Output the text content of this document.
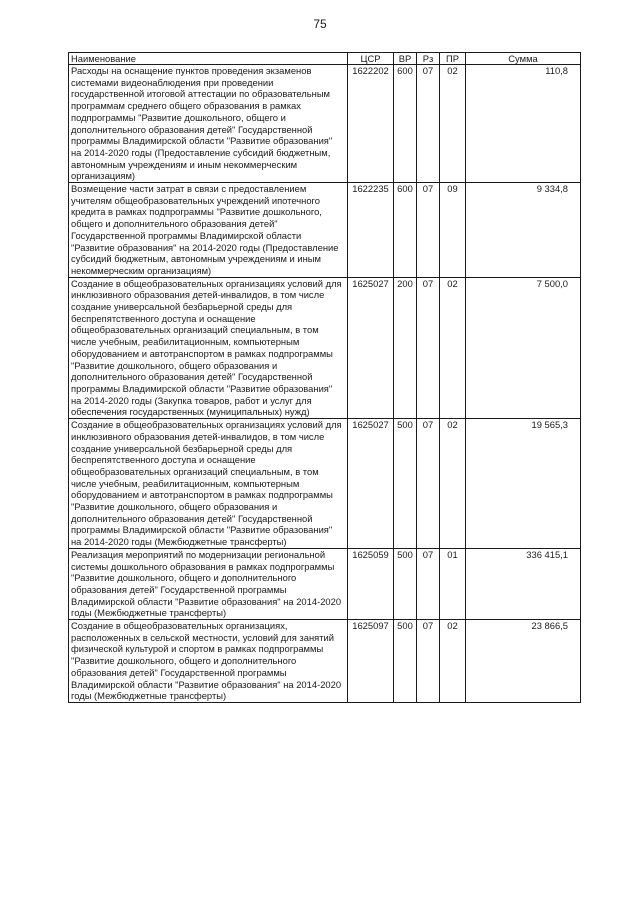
75
Наименование	ЦСР	ВР	Рз	ПР	Сумма
Расходы на оснащение пунктов проведения экзаменов системами видеонаблюдения при проведении государственной итоговой аттестации по образовательным программам среднего общего образования в рамках подпрограммы "Развитие дошкольного, общего и дополнительного образования детей" Государственной программы Владимирской области "Развитие образования" на 2014-2020 годы (Предоставление субсидий бюджетным, автономным учреждениям и иным некоммерческим организациям)	1622202	600	07	02	110,8
Возмещение части затрат в связи с предоставлением учителям общеобразовательных учреждений ипотечного кредита в рамках подпрограммы "Развитие дошкольного, общего и дополнительного образования детей" Государственной программы Владимирской области "Развитие образования" на 2014-2020 годы (Предоставление субсидий бюджетным, автономным учреждениям и иным некоммерческим организациям)	1622235	600	07	09	9 334,8
Создание в общеобразовательных организациях условий для инклюзивного образования детей-инвалидов, в том числе создание универсальной безбарьерной среды для беспрепятственного доступа и оснащение общеобразовательных организаций специальным, в том числе учебным, реабилитационным, компьютерным оборудованием и автотранспортом в рамках подпрограммы "Развитие дошкольного, общего образования и дополнительного образования детей" Государственной программы Владимирской области "Развитие образования" на 2014-2020 годы (Закупка товаров, работ и услуг для обеспечения государственных (муниципальных) нужд)	1625027	200	07	02	7 500,0
Создание в общеобразовательных организациях условий для инклюзивного образования детей-инвалидов, в том числе создание универсальной безбарьерной среды для беспрепятственного доступа и оснащение общеобразовательных организаций специальным, в том числе учебным, реабилитационным, компьютерным оборудованием и автотранспортом в рамках подпрограммы "Развитие дошкольного, общего образования и дополнительного образования детей" Государственной программы Владимирской области "Развитие образования" на 2014-2020 годы (Межбюджетные трансферты)	1625027	500	07	02	19 565,3
Реализация мероприятий по модернизации региональной системы дошкольного образования в рамках подпрограммы "Развитие дошкольного, общего и дополнительного образования детей" Государственной программы Владимирской области "Развитие образования" на 2014-2020 годы (Межбюджетные трансферты)	1625059	500	07	01	336 415,1
Создание в общеобразовательных организациях, расположенных в сельской местности, условий для занятий физической культурой и спортом в рамках подпрограммы "Развитие дошкольного, общего и дополнительного образования детей" Государственной программы Владимирской области "Развитие образования" на 2014-2020 годы (Межбюджетные трансферты)	1625097	500	07	02	23 866,5
